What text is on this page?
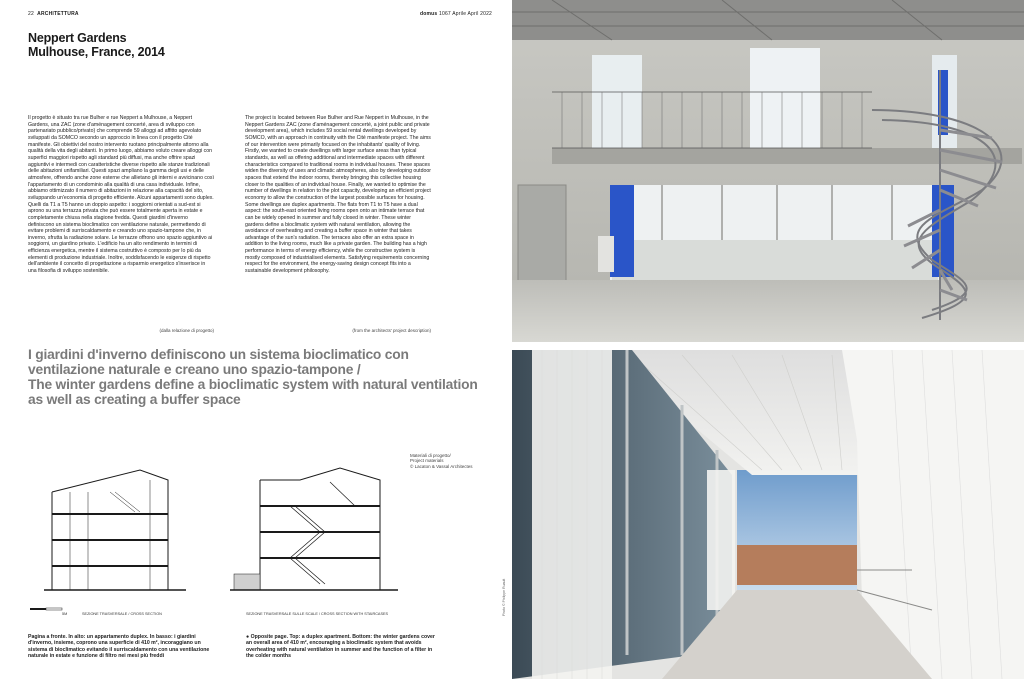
22 ARCHITETTURA	domus 1067 Aprile April 2022
Neppert Gardens
Mulhouse, France, 2014

Il progetto è situato tra rue Bulher e rue Neppert a Mulhouse, a Neppert Gardens, una ZAC (zone d'aménagement concerté, area di sviluppo con partenariato pubblico/privato) che comprende 59 alloggi ad affitto agevolato sviluppati da SOMCO secondo un approccio in linea con il progetto Cité manifeste. Gli obiettivi del nostro intervento ruotano principalmente attorno alla qualità della vita degli abitanti. In primo luogo, abbiamo voluto creare alloggi con superfici maggiori rispetto agli standard più diffusi, ma anche offrire spazi aggiuntivi e intermedi con caratteristiche diverse rispetto alle stanze tradizionali delle abitazioni unifamiliari. Questi spazi ampliano la gamma degli usi e delle atmosfere, offrendo anche zone esterne che allietano gli interni e avvicinano così l'appartamento di un condominio alla qualità di una casa individuale. Infine, abbiamo ottimizzato il numero di abitazioni in relazione alla capacità del sito, sviluppando un'economia di progetto efficiente. Alcuni appartamenti sono duplex. Quelli da T1 a T5 hanno un doppio aspetto: i soggiorni orientati a sud-est si aprono su una terrazza privata che può essere totalmente aperta in estate e completamente chiusa nella stagione fredda. Questi giardini d'inverno definiscono un sistema bioclimatico con ventilazione naturale, permettendo di evitare problemi di surriscaldamento e creando uno spazio-tampone che, in inverno, sfrutta la radiazione solare. Le terrazze offrono uno spazio aggiuntivo ai soggiorni, un giardino privato. L'edificio ha un alto rendimento in termini di efficienza energetica, mentre il sistema costruttivo è composto per lo più da elementi di produzione industriale. Inoltre, soddisfacendo le esigenze di rispetto dell'ambiente il concetto di progettazione a risparmio energetico s'inserisce in una filosofia di sviluppo sostenibile.

(dalla relazione di progetto)

The project is located between Rue Bulher and Rue Neppert in Mulhouse, in the Neppert Gardens ZAC (zone d'aménagement concerté, a joint public and private development area), which includes 59 social rental dwellings developed by SOMCO, with an approach in continuity with the Cité manifeste project. The aims of our intervention were primarily focused on the inhabitants' quality of living. Firstly, we wanted to create dwellings with larger surface areas than typical standards, as well as offering additional and intermediate spaces with different characteristics compared to traditional rooms in individual houses. These spaces widen the diversity of uses and climatic atmospheres, also by developing outdoor spaces that extend the indoor rooms, thereby bringing this collective housing closer to the qualities of an individual house. Finally, we wanted to optimise the number of dwellings in relation to the plot capacity, developing an efficient project economy to allow the construction of the largest possible surfaces for housing. Some dwellings are duplex apartments. The flats from T1 to T5 have a dual aspect: the south-east oriented living rooms open onto an intimate terrace that can be widely opened in summer and fully closed in winter. These winter gardens define a bioclimatic system with natural ventilation, allowing the avoidance of overheating and creating a buffer space in winter that takes advantage of the sun's radiation. The terraces also offer an extra space in addition to the living rooms, much like a private garden. The building has a high performance in terms of energy efficiency, while the constructive system is mostly composed of industrialised elements. Satisfying requirements concerning respect for the environment, the energy-saving design concept fits into a sustainable development philosophy.

(from the architects' project description)
I giardini d'inverno definiscono un sistema bioclimatico con ventilazione naturale e creano uno spazio-tampone /
The winter gardens define a bioclimatic system with natural ventilation as well as creating a buffer space
Materiali di progetto/
Project materials
© Lacaton & Vassal Architectes
5M	SEZIONE TRASVERSALE / CROSS SECTION	SEZIONE TRASVERSALE SULLE SCALE / CROSS SECTION WITH STAIRCASES
Pagina a fronte. In alto: un appartamento duplex. In basso: i giardini d'inverno, insieme, coprono una superficie di 410 m², incoraggiano un sistema di bioclimatico evitando il surriscaldamento con una ventilazione naturale in estate e funzione di filtro nei mesi più freddi
● Opposite page. Top: a duplex apartment. Bottom: the winter gardens cover an overall area of 410 m², encouraging a bioclimatic system that avoids overheating with natural ventilation in summer and the function of a filter in the colder months
Photo © Philippe Ruault
